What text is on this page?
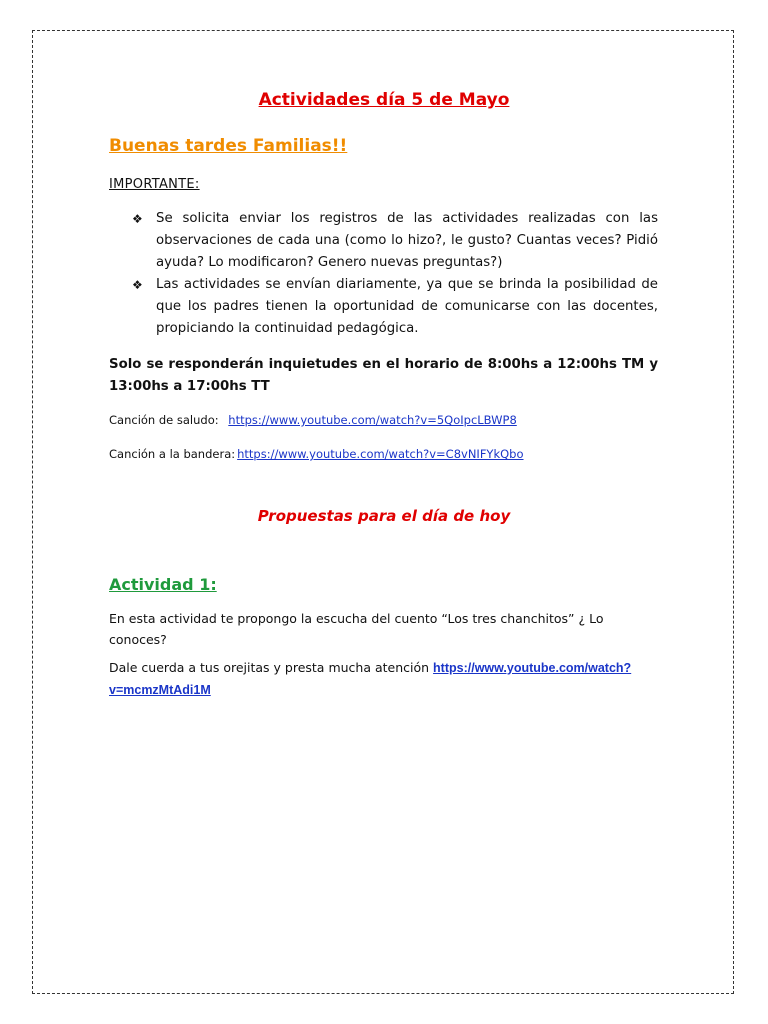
Actividades día 5 de Mayo
Buenas tardes Familias!!
IMPORTANTE:
❖ Se solicita enviar los registros de las actividades realizadas con las observaciones de cada una (como lo hizo?, le gusto? Cuantas veces? Pidió ayuda? Lo modificaron? Genero nuevas preguntas?)
❖ Las actividades se envían diariamente, ya que se brinda la posibilidad de que los padres tienen la oportunidad de comunicarse con las docentes, propiciando la continuidad pedagógica.
Solo se responderán inquietudes en el horario de 8:00hs a 12:00hs TM y 13:00hs a 17:00hs TT
Canción de saludo: https://www.youtube.com/watch?v=5QoIpcLBWP8
Canción a la bandera: https://www.youtube.com/watch?v=C8vNIFYkQbo
Propuestas para el día de hoy
Actividad 1:
En esta actividad te propongo la escucha del cuento “Los tres chanchitos” ¿ Lo conoces?
Dale cuerda a tus orejitas y presta mucha atención https://www.youtube.com/watch?v=mcmzMtAdi1M
